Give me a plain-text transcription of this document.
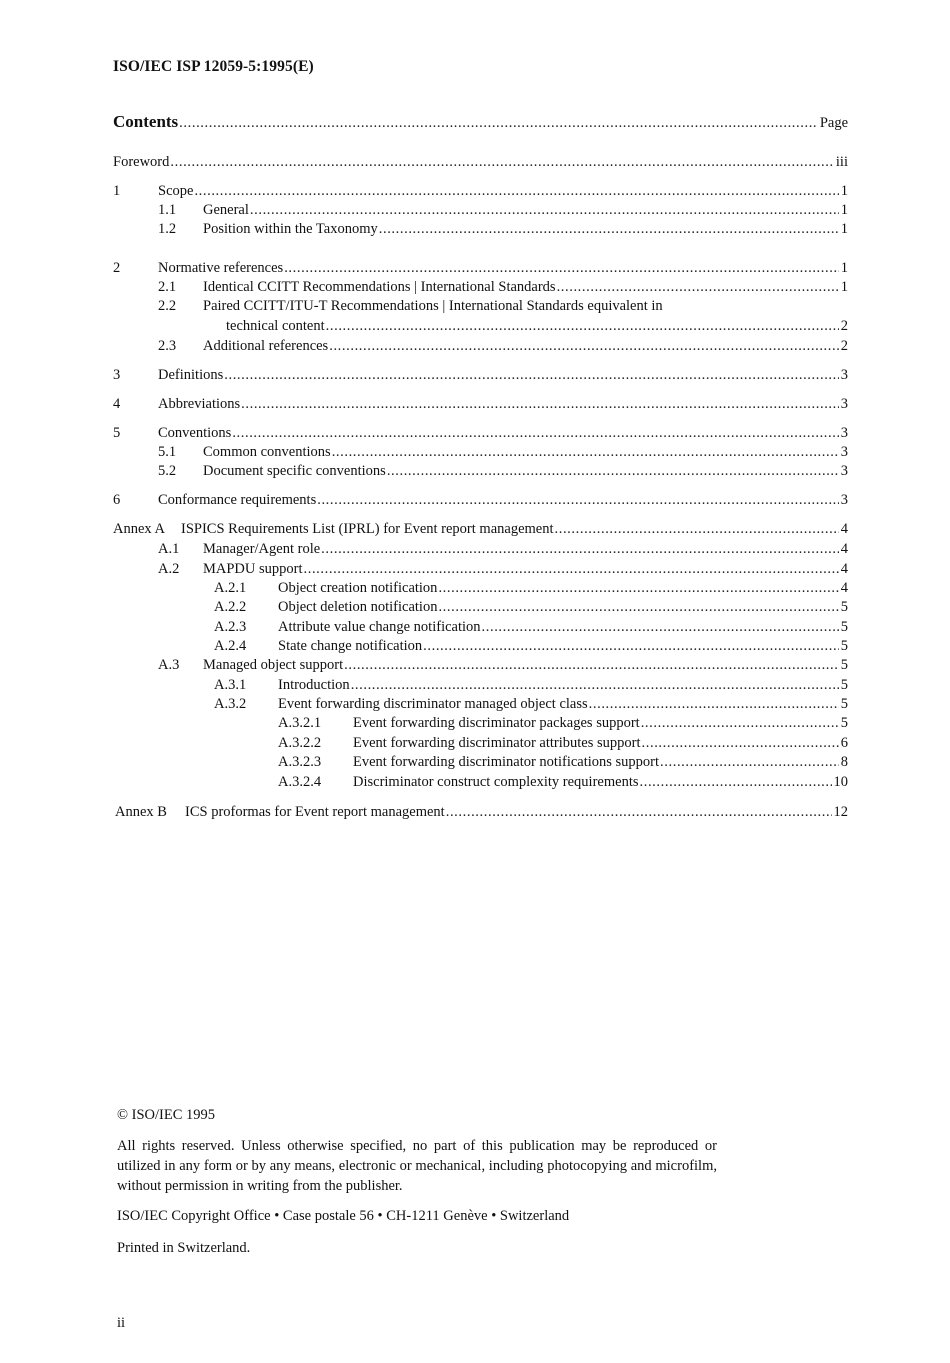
ISO/IEC ISP 12059-5:1995(E)
Contents .....	Page
Foreword .....	iii
1	Scope .....	1
1.1	General .....	1
1.2	Position within the Taxonomy .....	1
2	Normative references .....	1
2.1	Identical CCITT Recommendations | International Standards .....	1
2.2 Paired CCITT/ITU-T Recommendations | International Standards equivalent in
technical content .....	2
2.3	Additional references .....	2
3	Definitions .....	3
4	Abbreviations .....	3
5	Conventions .....	3
5.1	Common conventions .....	3
5.2	Document specific conventions .....	3
6	Conformance requirements .....	3
Annex A	ISPICS Requirements List (IPRL) for Event report management .....	4
A.1	Manager/Agent role .....	4
A.2	MAPDU support .....	4
A.2.1	Object creation notification .....	4
A.2.2	Object deletion notification .....	5
A.2.3	Attribute value change notification .....	5
A.2.4	State change notification .....	5
A.3	Managed object support .....	5
A.3.1	Introduction .....	5
A.3.2	Event forwarding discriminator managed object class .....	5
A.3.2.1	Event forwarding discriminator packages support .....	5
A.3.2.2	Event forwarding discriminator attributes support .....	6
A.3.2.3	Event forwarding discriminator notifications support .....	8
A.3.2.4	Discriminator construct complexity requirements .....	10
Annex B	ICS proformas for Event report management .....	12
© ISO/IEC 1995
All rights reserved. Unless otherwise specified, no part of this publication may be reproduced or utilized in any form or by any means, electronic or mechanical, including photocopying and microfilm, without permission in writing from the publisher.
ISO/IEC Copyright Office • Case postale 56 • CH-1211 Genève • Switzerland
Printed in Switzerland.
ii
